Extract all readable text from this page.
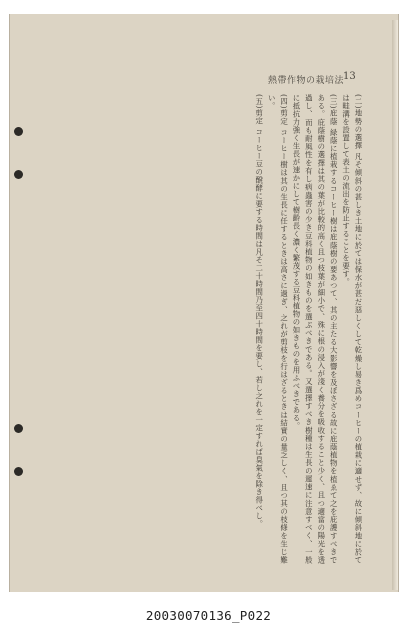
熱帶作物の栽培法
13

(二)地勢の選擇 凡そ傾斜の甚しき土地に於ては保水が甚だ惡しくして乾燥し易き爲めコーヒーの植栽に適せず、故に傾斜地に於ては畦溝を設置して表土の流出を防止することを要す。

(三)庇蔭 緑蔭に植栽するコーヒー樹は庇蔭樹の要あつて、其の主たる大影響を及ぼさざる故に庇蔭植物を植ゑて之を庇護すべきである。庇蔭樹の選擇は其の葉が比較的高く且つ枝葉が細小で、殊に根の浸入が淺く養分を吸收すること少く、且つ適當の陽光を透過し、而も耐風性を有し病蟲害の少き豆科植物の如きものを選ぶべきである。又選擇すべき樹種は生長の遲速に注意すべく、一般に抵抗力強く生長が速かにして樹齡長く濃く繁茂する豆科植物の如きものを用ふべきである。

(四)剪定 コーヒー樹は其の生長に任するときは高さに過ぎ、之れが剪枝を行はざるときは結實の量乏しく、且つ其の枝條を生じ難い。

(五)剪定 コーヒー豆の醗酵に要する時間は凡そ二十時間乃至四十時間を要し、若し之れを一定すれば臭氣を除き得べし。

20030070136_P022
